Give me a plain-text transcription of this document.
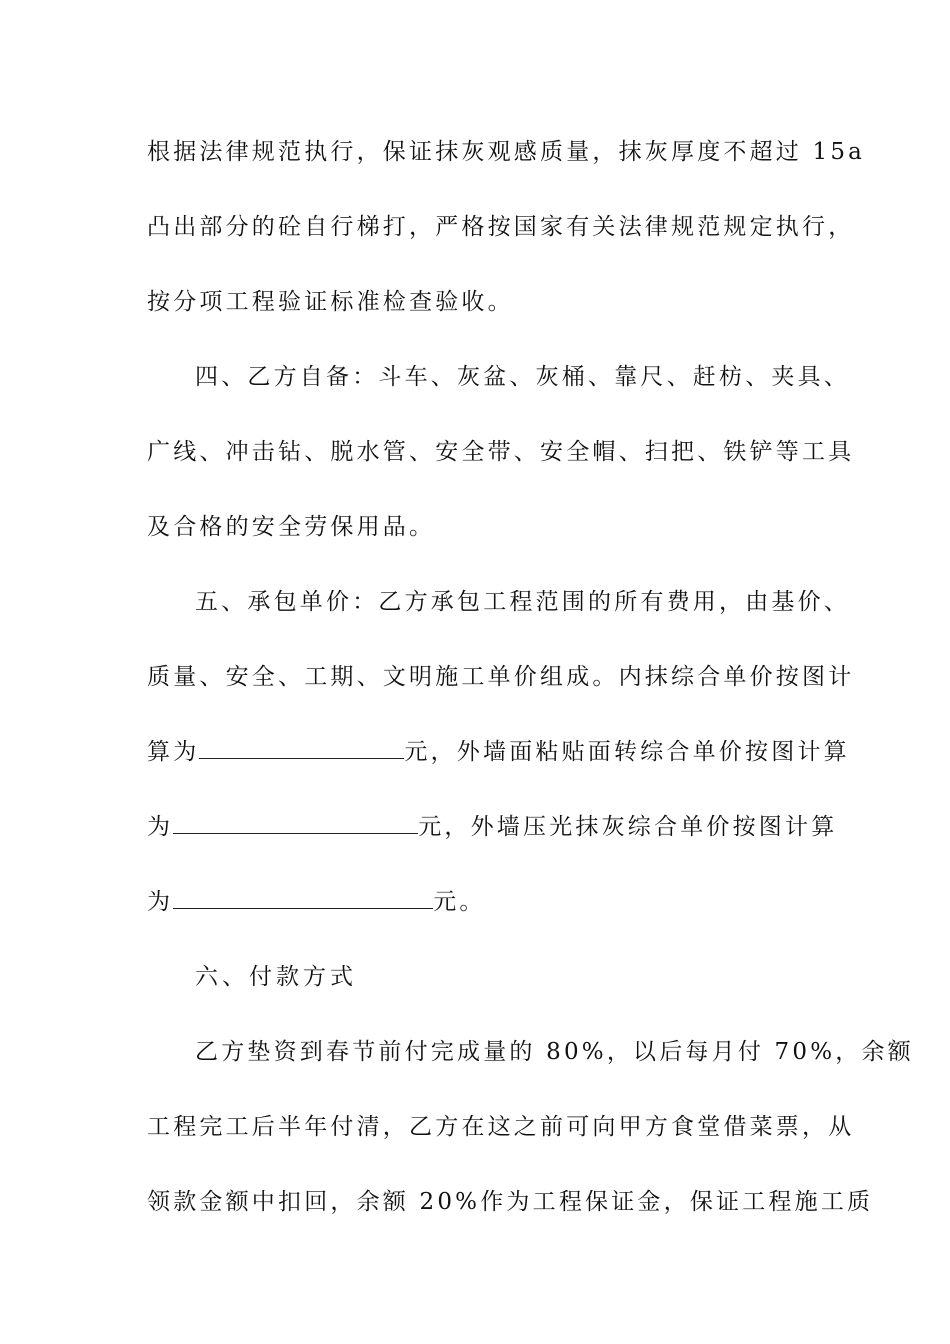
根据法律规范执行，保证抹灰观感质量，抹灰厚度不超过 15a
凸出部分的砼自行梯打，严格按国家有关法律规范规定执行，
按分项工程验证标准检查验收。
四、乙方自备：斗车、灰盆、灰桶、靠尺、赶枋、夹具、
广线、冲击钻、脱水管、安全带、安全帽、扫把、铁铲等工具
及合格的安全劳保用品。
五、承包单价：乙方承包工程范围的所有费用，由基价、
质量、安全、工期、文明施工单价组成。内抹综合单价按图计
算为	元，外墙面粘贴面转综合单价按图计算
为	元，外墙压光抹灰综合单价按图计算
为	元。
六、付款方式
乙方垫资到春节前付完成量的 80%，以后每月付 70%，余额
工程完工后半年付清，乙方在这之前可向甲方食堂借菜票，从
领款金额中扣回，余额 20%作为工程保证金，保证工程施工质
